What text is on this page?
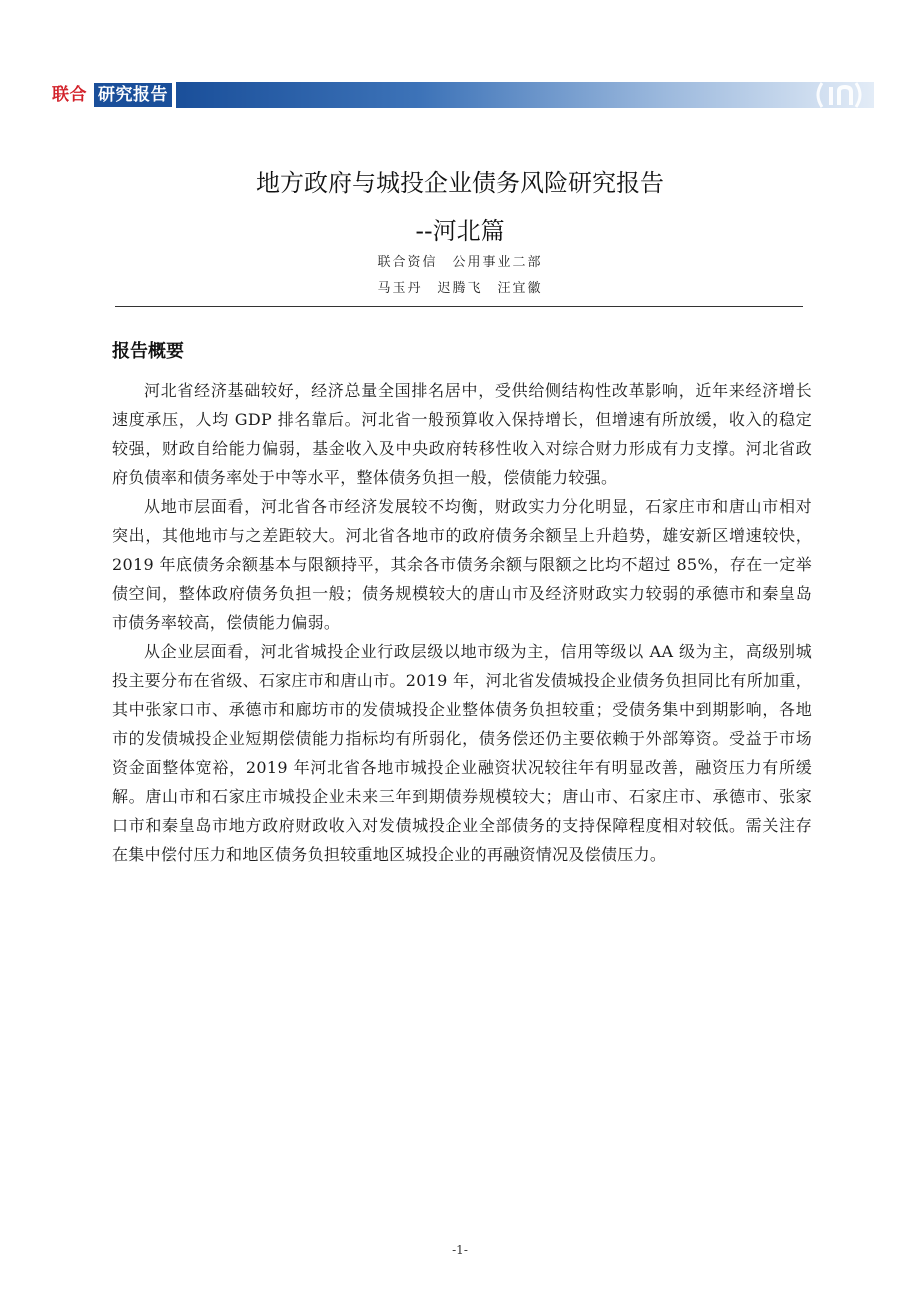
联合 研究报告
地方政府与城投企业债务风险研究报告
--河北篇
联合资信　公用事业二部
马玉丹　迟腾飞　汪宜徽
报告概要

河北省经济基础较好，经济总量全国排名居中，受供给侧结构性改革影响，近年来经济增长速度承压，人均 GDP 排名靠后。河北省一般预算收入保持增长，但增速有所放缓，收入的稳定较强，财政自给能力偏弱，基金收入及中央政府转移性收入对综合财力形成有力支撑。河北省政府负债率和债务率处于中等水平，整体债务负担一般，偿债能力较强。

从地市层面看，河北省各市经济发展较不均衡，财政实力分化明显，石家庄市和唐山市相对突出，其他地市与之差距较大。河北省各地市的政府债务余额呈上升趋势，雄安新区增速较快，2019 年底债务余额基本与限额持平，其余各市债务余额与限额之比均不超过 85%，存在一定举债空间，整体政府债务负担一般；债务规模较大的唐山市及经济财政实力较弱的承德市和秦皇岛市债务率较高，偿债能力偏弱。

从企业层面看，河北省城投企业行政层级以地市级为主，信用等级以 AA 级为主，高级别城投主要分布在省级、石家庄市和唐山市。2019 年，河北省发债城投企业债务负担同比有所加重，其中张家口市、承德市和廊坊市的发债城投企业整体债务负担较重；受债务集中到期影响，各地市的发债城投企业短期偿债能力指标均有所弱化，债务偿还仍主要依赖于外部筹资。受益于市场资金面整体宽裕，2019 年河北省各地市城投企业融资状况较往年有明显改善，融资压力有所缓解。唐山市和石家庄市城投企业未来三年到期债券规模较大；唐山市、石家庄市、承德市、张家口市和秦皇岛市地方政府财政收入对发债城投企业全部债务的支持保障程度相对较低。需关注存在集中偿付压力和地区债务负担较重地区城投企业的再融资情况及偿债压力。

-1-
